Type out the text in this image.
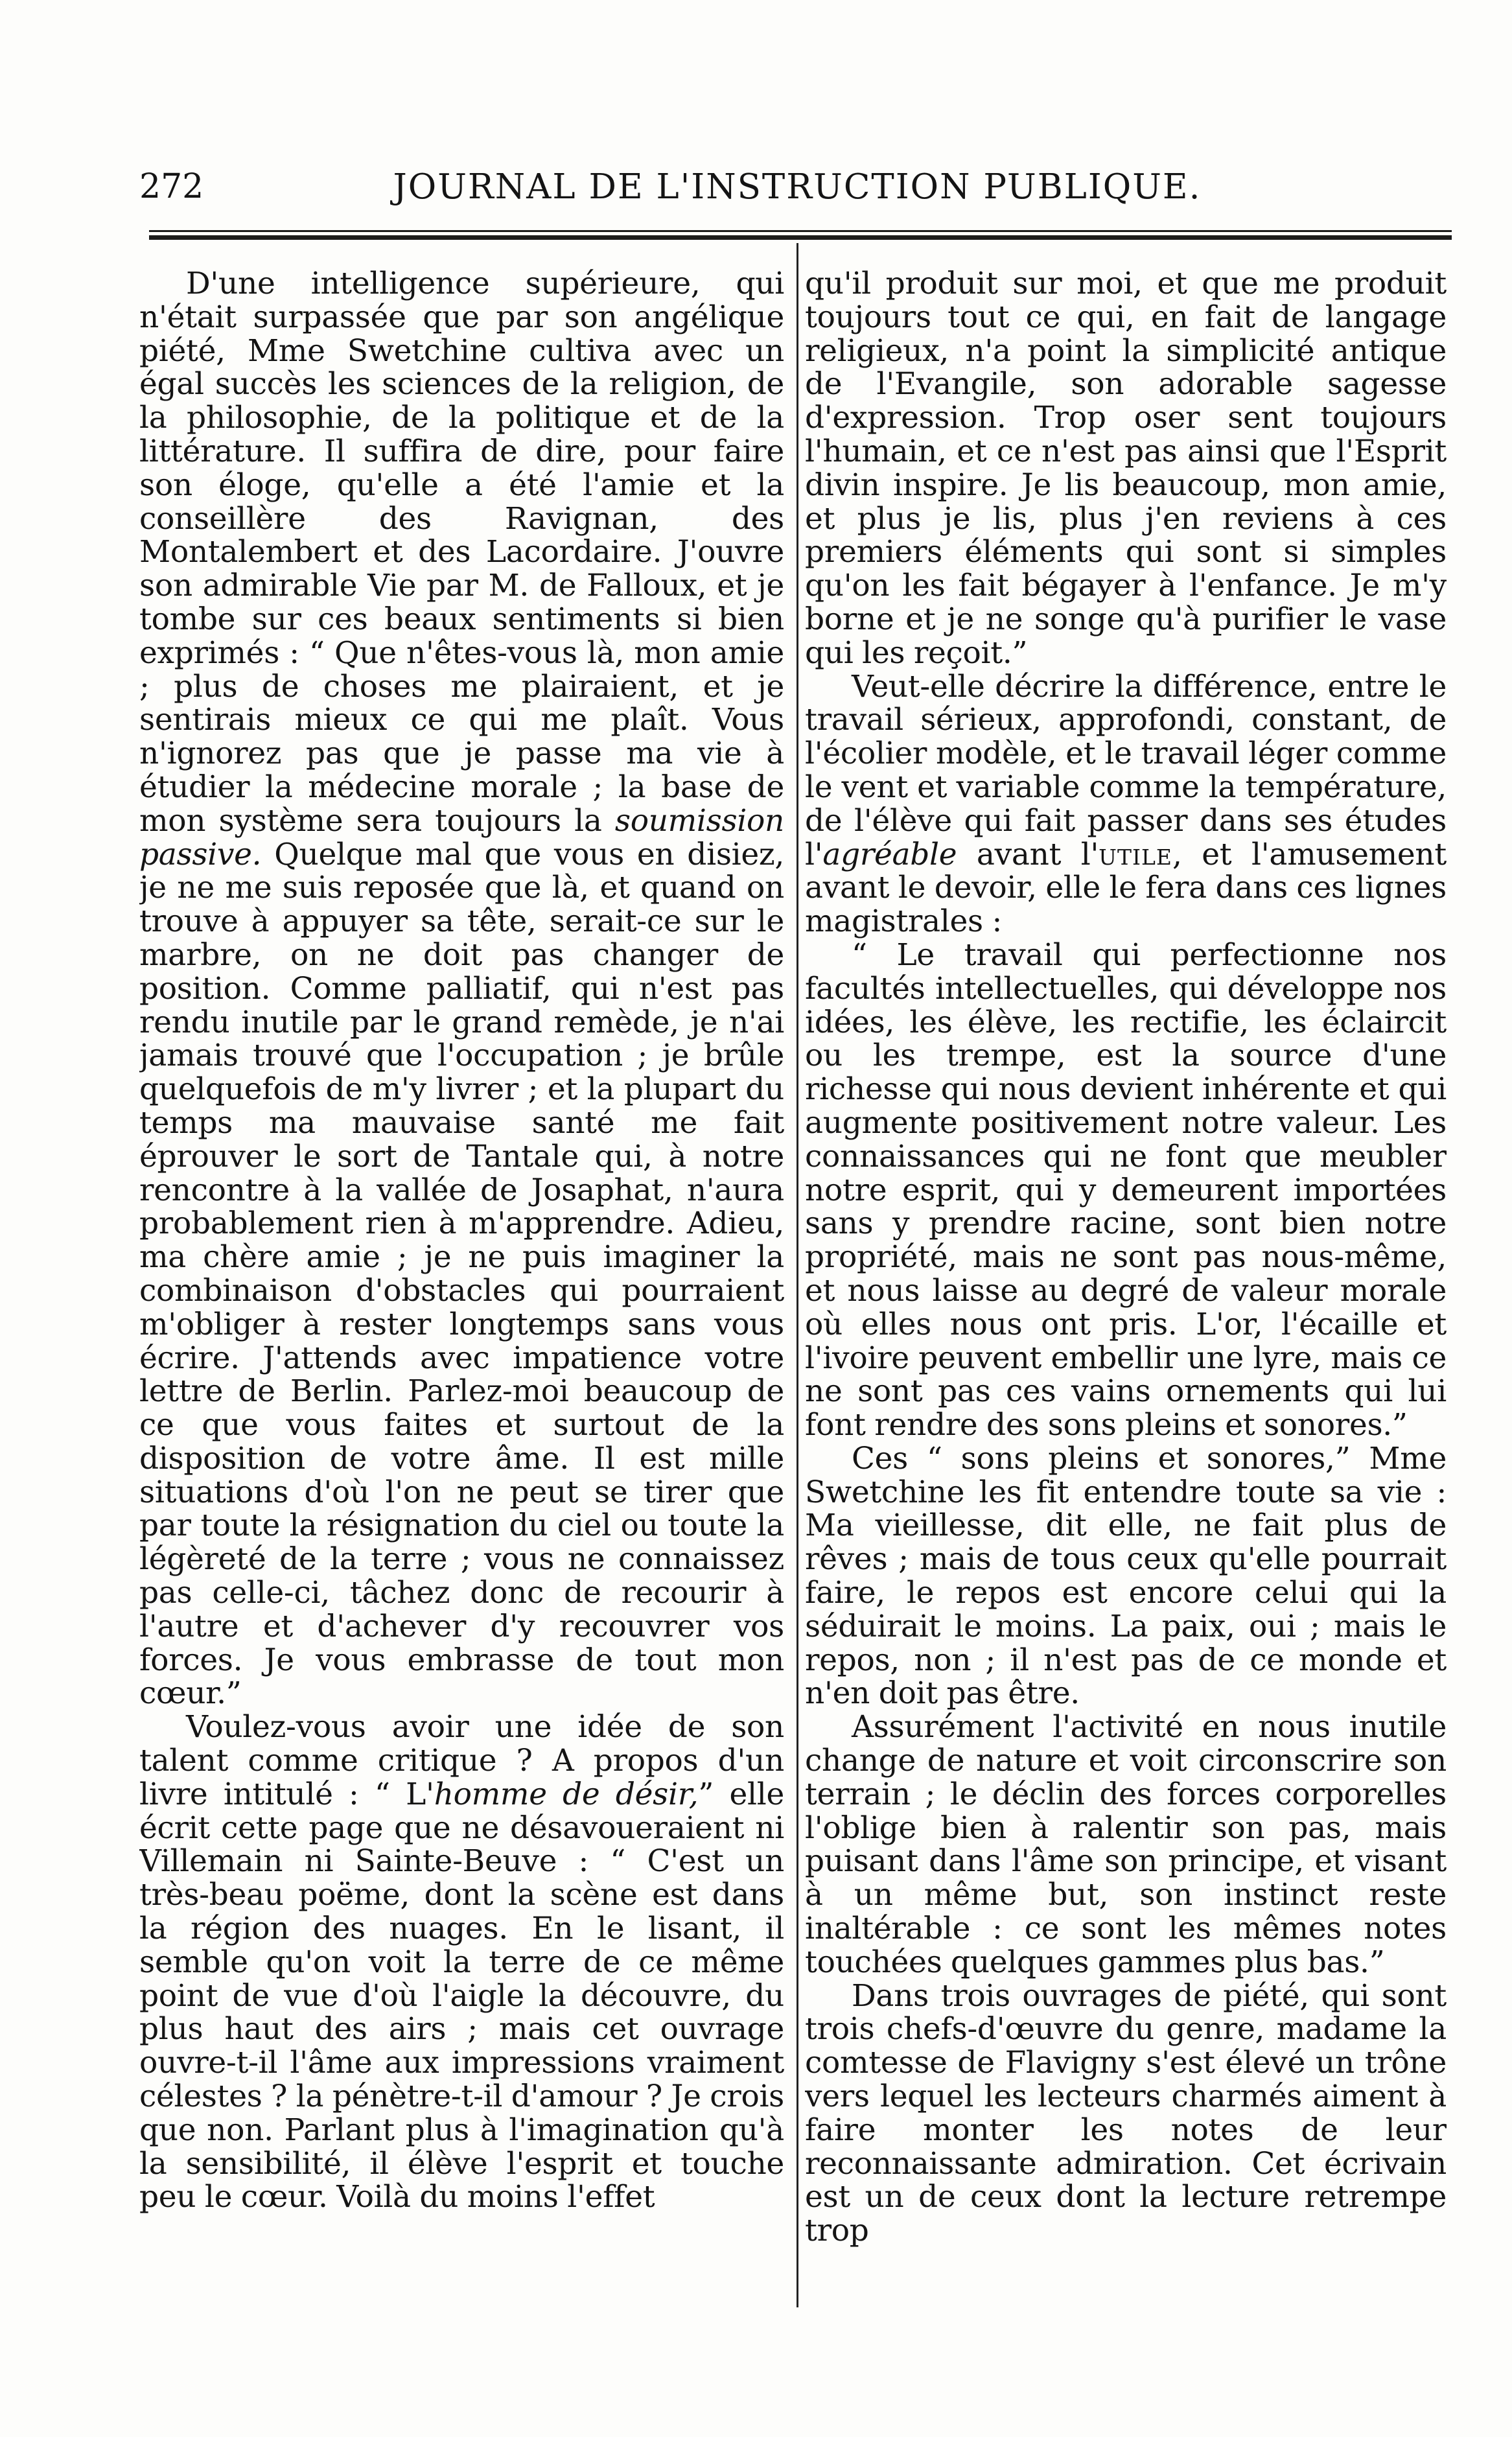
272	JOURNAL DE L'INSTRUCTION PUBLIQUE.

D'une intelligence supérieure, qui n'était surpassée que par son angélique piété, Mme Swetchine cultiva avec un égal succès les sciences de la religion, de la philosophie, de la politique et de la littérature. Il suffira de dire, pour faire son éloge, qu'elle a été l'amie et la conseillère des Ravignan, des Montalembert et des Lacordaire. J'ouvre son admirable Vie par M. de Falloux, et je tombe sur ces beaux sentiments si bien exprimés : “ Que n'êtes-vous là, mon amie ; plus de choses me plairaient, et je sentirais mieux ce qui me plaît. Vous n'ignorez pas que je passe ma vie à étudier la médecine morale ; la base de mon système sera toujours la soumission passive. Quelque mal que vous en disiez, je ne me suis reposée que là, et quand on trouve à appuyer sa tête, serait-ce sur le marbre, on ne doit pas changer de position. Comme palliatif, qui n'est pas rendu inutile par le grand remède, je n'ai jamais trouvé que l'occupation ; je brûle quelquefois de m'y livrer ; et la plupart du temps ma mauvaise santé me fait éprouver le sort de Tantale qui, à notre rencontre à la vallée de Josaphat, n'aura probablement rien à m'apprendre. Adieu, ma chère amie ; je ne puis imaginer la combinaison d'obstacles qui pourraient m'obliger à rester longtemps sans vous écrire. J'attends avec impatience votre lettre de Berlin. Parlez-moi beaucoup de ce que vous faites et surtout de la disposition de votre âme. Il est mille situations d'où l'on ne peut se tirer que par toute la résignation du ciel ou toute la légèreté de la terre ; vous ne connaissez pas celle-ci, tâchez donc de recourir à l'autre et d'achever d'y recouvrer vos forces. Je vous embrasse de tout mon cœur.”

Voulez-vous avoir une idée de son talent comme critique ? A propos d'un livre intitulé : “ L'homme de désir,” elle écrit cette page que ne désavoueraient ni Villemain ni Sainte-Beuve : “ C'est un très-beau poëme, dont la scène est dans la région des nuages. En le lisant, il semble qu'on voit la terre de ce même point de vue d'où l'aigle la découvre, du plus haut des airs ; mais cet ouvrage ouvre-t-il l'âme aux impressions vraiment célestes ? la pénètre-t-il d'amour ? Je crois que non. Parlant plus à l'imagination qu'à la sensibilité, il élève l'esprit et touche peu le cœur. Voilà du moins l'effet

qu'il produit sur moi, et que me produit toujours tout ce qui, en fait de langage religieux, n'a point la simplicité antique de l'Evangile, son adorable sagesse d'expression. Trop oser sent toujours l'humain, et ce n'est pas ainsi que l'Esprit divin inspire. Je lis beaucoup, mon amie, et plus je lis, plus j'en reviens à ces premiers éléments qui sont si simples qu'on les fait bégayer à l'enfance. Je m'y borne et je ne songe qu'à purifier le vase qui les reçoit.”

Veut-elle décrire la différence, entre le travail sérieux, approfondi, constant, de l'écolier modèle, et le travail léger comme le vent et variable comme la température, de l'élève qui fait passer dans ses études l'agréable avant l'utile, et l'amusement avant le devoir, elle le fera dans ces lignes magistrales :

“ Le travail qui perfectionne nos facultés intellectuelles, qui développe nos idées, les élève, les rectifie, les éclaircit ou les trempe, est la source d'une richesse qui nous devient inhérente et qui augmente positivement notre valeur. Les connaissances qui ne font que meubler notre esprit, qui y demeurent importées sans y prendre racine, sont bien notre propriété, mais ne sont pas nous-même, et nous laisse au degré de valeur morale où elles nous ont pris. L'or, l'écaille et l'ivoire peuvent embellir une lyre, mais ce ne sont pas ces vains ornements qui lui font rendre des sons pleins et sonores.”

Ces “ sons pleins et sonores,” Mme Swetchine les fit entendre toute sa vie : Ma vieillesse, dit elle, ne fait plus de rêves ; mais de tous ceux qu'elle pourrait faire, le repos est encore celui qui la séduirait le moins. La paix, oui ; mais le repos, non ; il n'est pas de ce monde et n'en doit pas être.

Assurément l'activité en nous inutile change de nature et voit circonscrire son terrain ; le déclin des forces corporelles l'oblige bien à ralentir son pas, mais puisant dans l'âme son principe, et visant à un même but, son instinct reste inaltérable : ce sont les mêmes notes touchées quelques gammes plus bas.”

Dans trois ouvrages de piété, qui sont trois chefs-d'œuvre du genre, madame la comtesse de Flavigny s'est élevé un trône vers lequel les lecteurs charmés aiment à faire monter les notes de leur reconnaissante admiration. Cet écrivain est un de ceux dont la lecture retrempe trop
